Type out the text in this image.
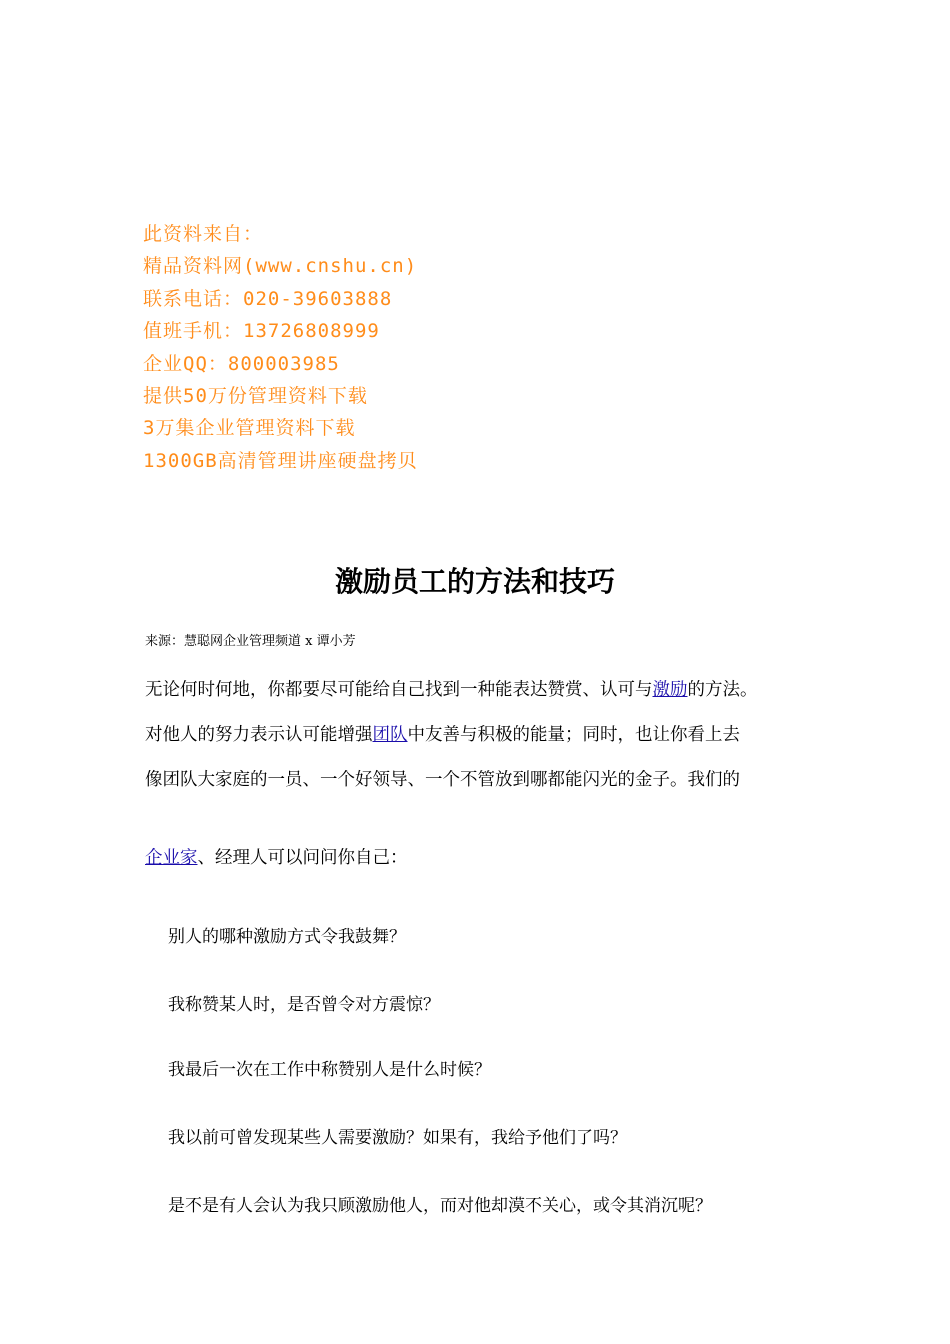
此资料来自：
精品资料网(www.cnshu.cn)
联系电话：020-39603888
值班手机：13726808999
企业QQ：800003985
提供50万份管理资料下载
3万集企业管理资料下载
1300GB高清管理讲座硬盘拷贝
激励员工的方法和技巧
来源：慧聪网企业管理频道 x 谭小芳
无论何时何地，你都要尽可能给自己找到一种能表达赞赏、认可与激励的方法。
对他人的努力表示认可能增强团队中友善与积极的能量；同时，也让你看上去
像团队大家庭的一员、一个好领导、一个不管放到哪都能闪光的金子。我们的
企业家、经理人可以问问你自己：
别人的哪种激励方式令我鼓舞？
我称赞某人时，是否曾令对方震惊？
我最后一次在工作中称赞别人是什么时候？
我以前可曾发现某些人需要激励？如果有，我给予他们了吗？
是不是有人会认为我只顾激励他人，而对他却漠不关心，或令其消沉呢？
